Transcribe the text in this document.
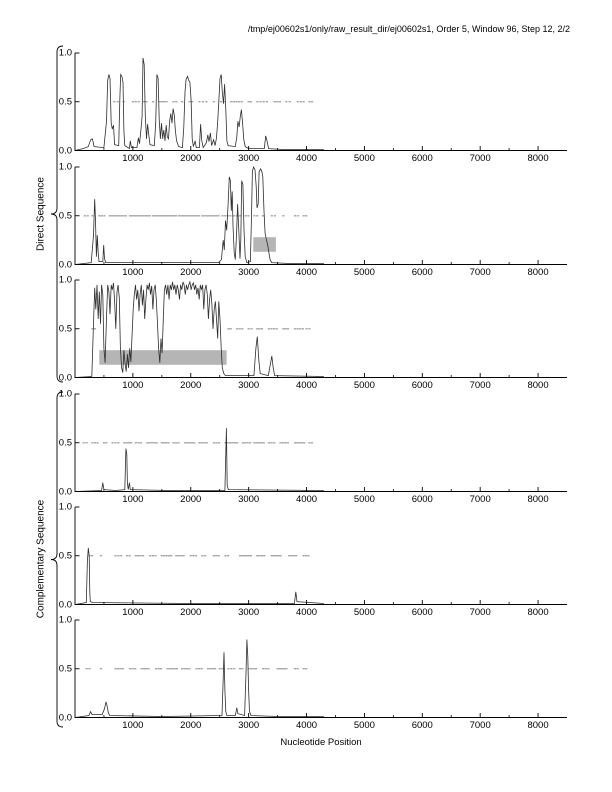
/tmp/ej00602s1/only/raw_result_dir/ej00602s1, Order 5, Window 96, Step 12, 2/2
Direct Sequence
Complementary Sequence
Nucleotide Position
0.0
0.5
1.0
1000	2000	3000	4000	5000	6000	7000	8000
0.0
0.5
1.0
1000	2000	3000	4000	5000	6000	7000	8000
0.0
0.5
1.0
1000	2000	3000	4000	5000	6000	7000	8000
0.0
0.5
1.0
1000	2000	3000	4000	5000	6000	7000	8000
0.0
0.5
1.0
1000	2000	3000	4000	5000	6000	7000	8000
0.0
0.5
1.0
1000	2000	3000	4000	5000	6000	7000	8000
